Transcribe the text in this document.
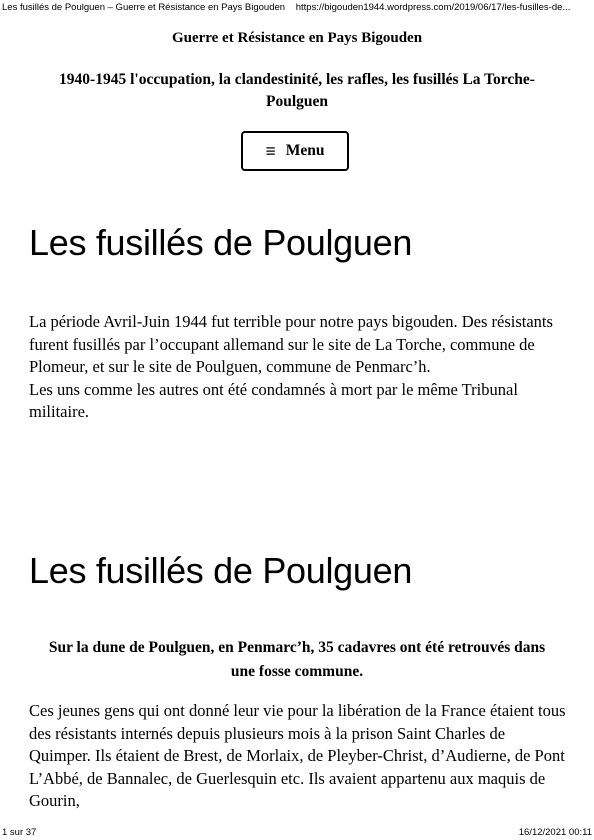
Les fusillés de Poulguen – Guerre et Résistance en Pays Bigouden https://bigouden1944.wordpress.com/2019/06/17/les-fusilles-de...
Guerre et Résistance en Pays Bigouden
1940-1945 l'occupation, la clandestinité, les rafles, les fusillés La Torche-Poulguen
≡ Menu
Les fusillés de Poulguen

La période Avril-Juin 1944 fut terrible pour notre pays bigouden. Des résistants furent fusillés par l’occupant allemand sur le site de La Torche, commune de Plomeur, et sur le site de Poulguen, commune de Penmarc’h.

Les uns comme les autres ont été condamnés à mort par le même Tribunal militaire.

Les fusillés de Poulguen

Sur la dune de Poulguen, en Penmarc’h, 35 cadavres ont été retrouvés dans une fosse commune.

Ces jeunes gens qui ont donné leur vie pour la libération de la France étaient tous des résistants internés depuis plusieurs mois à la prison Saint Charles de Quimper. Ils étaient de Brest, de Morlaix, de Pleyber-Christ, d’Audierne, de Pont L’Abbé, de Bannalec, de Guerlesquin etc. Ils avaient appartenu aux maquis de Gourin,

1 sur 37	16/12/2021 00:11
